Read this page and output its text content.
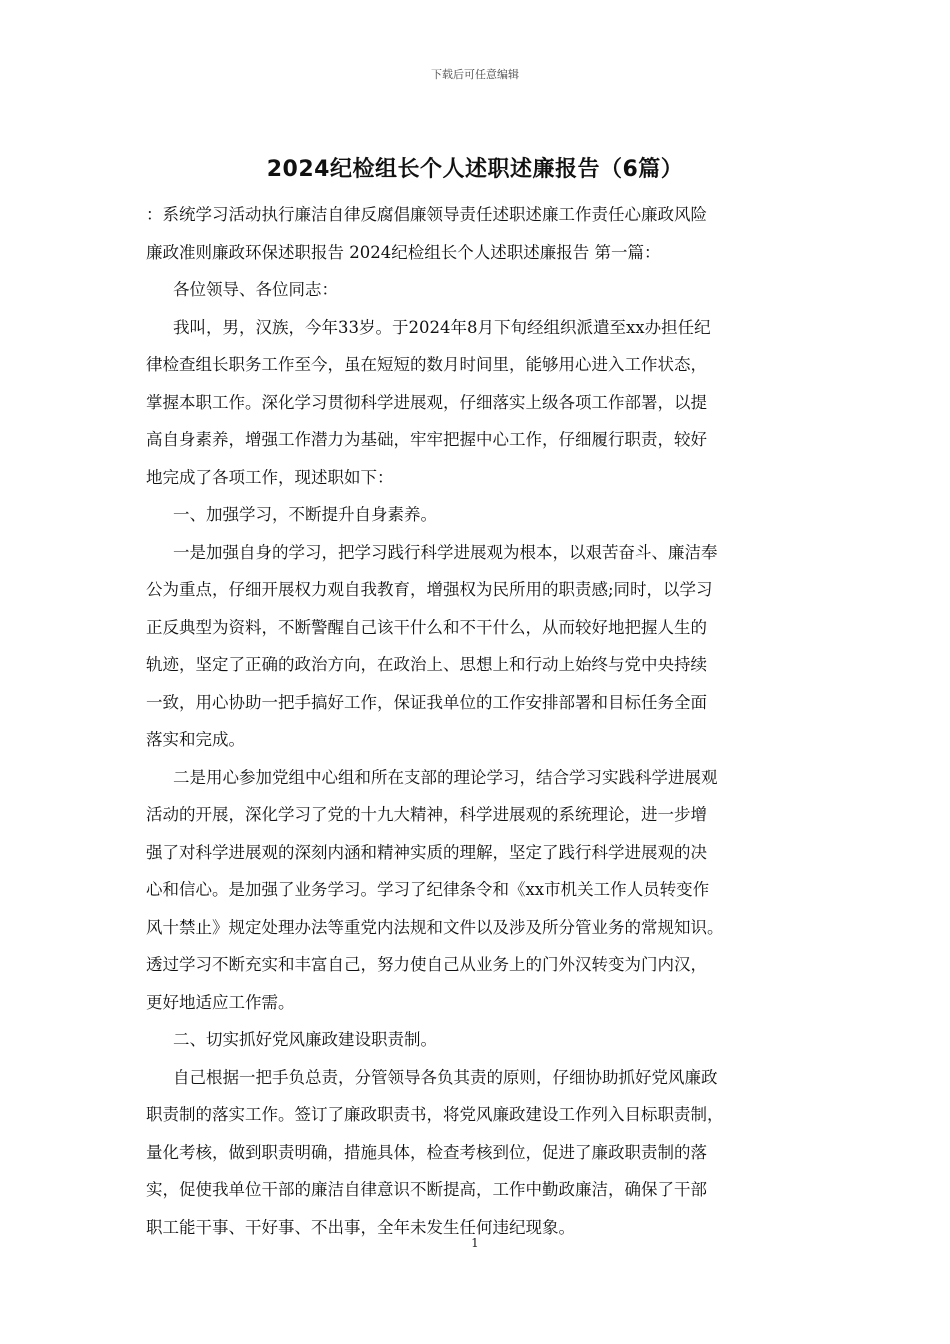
下载后可任意编辑
2024纪检组长个人述职述廉报告（6篇）
：系统学习活动执行廉洁自律反腐倡廉领导责任述职述廉工作责任心廉政风险
廉政准则廉政环保述职报告 2024纪检组长个人述职述廉报告 第一篇：
各位领导、各位同志：
我叫，男，汉族，今年33岁。于2024年8月下旬经组织派遣至xx办担任纪
律检查组长职务工作至今，虽在短短的数月时间里，能够用心进入工作状态，
掌握本职工作。深化学习贯彻科学进展观，仔细落实上级各项工作部署，以提
高自身素养，增强工作潜力为基础，牢牢把握中心工作，仔细履行职责，较好
地完成了各项工作，现述职如下：
一、加强学习，不断提升自身素养。
一是加强自身的学习，把学习践行科学进展观为根本，以艰苦奋斗、廉洁奉
公为重点，仔细开展权力观自我教育，增强权为民所用的职责感;同时，以学习
正反典型为资料，不断警醒自己该干什么和不干什么，从而较好地把握人生的
轨迹，坚定了正确的政治方向，在政治上、思想上和行动上始终与党中央持续
一致，用心协助一把手搞好工作，保证我单位的工作安排部署和目标任务全面
落实和完成。
二是用心参加党组中心组和所在支部的理论学习，结合学习实践科学进展观
活动的开展，深化学习了党的十九大精神，科学进展观的系统理论，进一步增
强了对科学进展观的深刻内涵和精神实质的理解，坚定了践行科学进展观的决
心和信心。是加强了业务学习。学习了纪律条令和《xx市机关工作人员转变作
风十禁止》规定处理办法等重党内法规和文件以及涉及所分管业务的常规知识。
透过学习不断充实和丰富自己，努力使自己从业务上的门外汉转变为门内汉，
更好地适应工作需。
二、切实抓好党风廉政建设职责制。
自己根据一把手负总责，分管领导各负其责的原则，仔细协助抓好党风廉政
职责制的落实工作。签订了廉政职责书，将党风廉政建设工作列入目标职责制，
量化考核，做到职责明确，措施具体，检查考核到位，促进了廉政职责制的落
实，促使我单位干部的廉洁自律意识不断提高，工作中勤政廉洁，确保了干部
职工能干事、干好事、不出事，全年未发生任何违纪现象。
1
